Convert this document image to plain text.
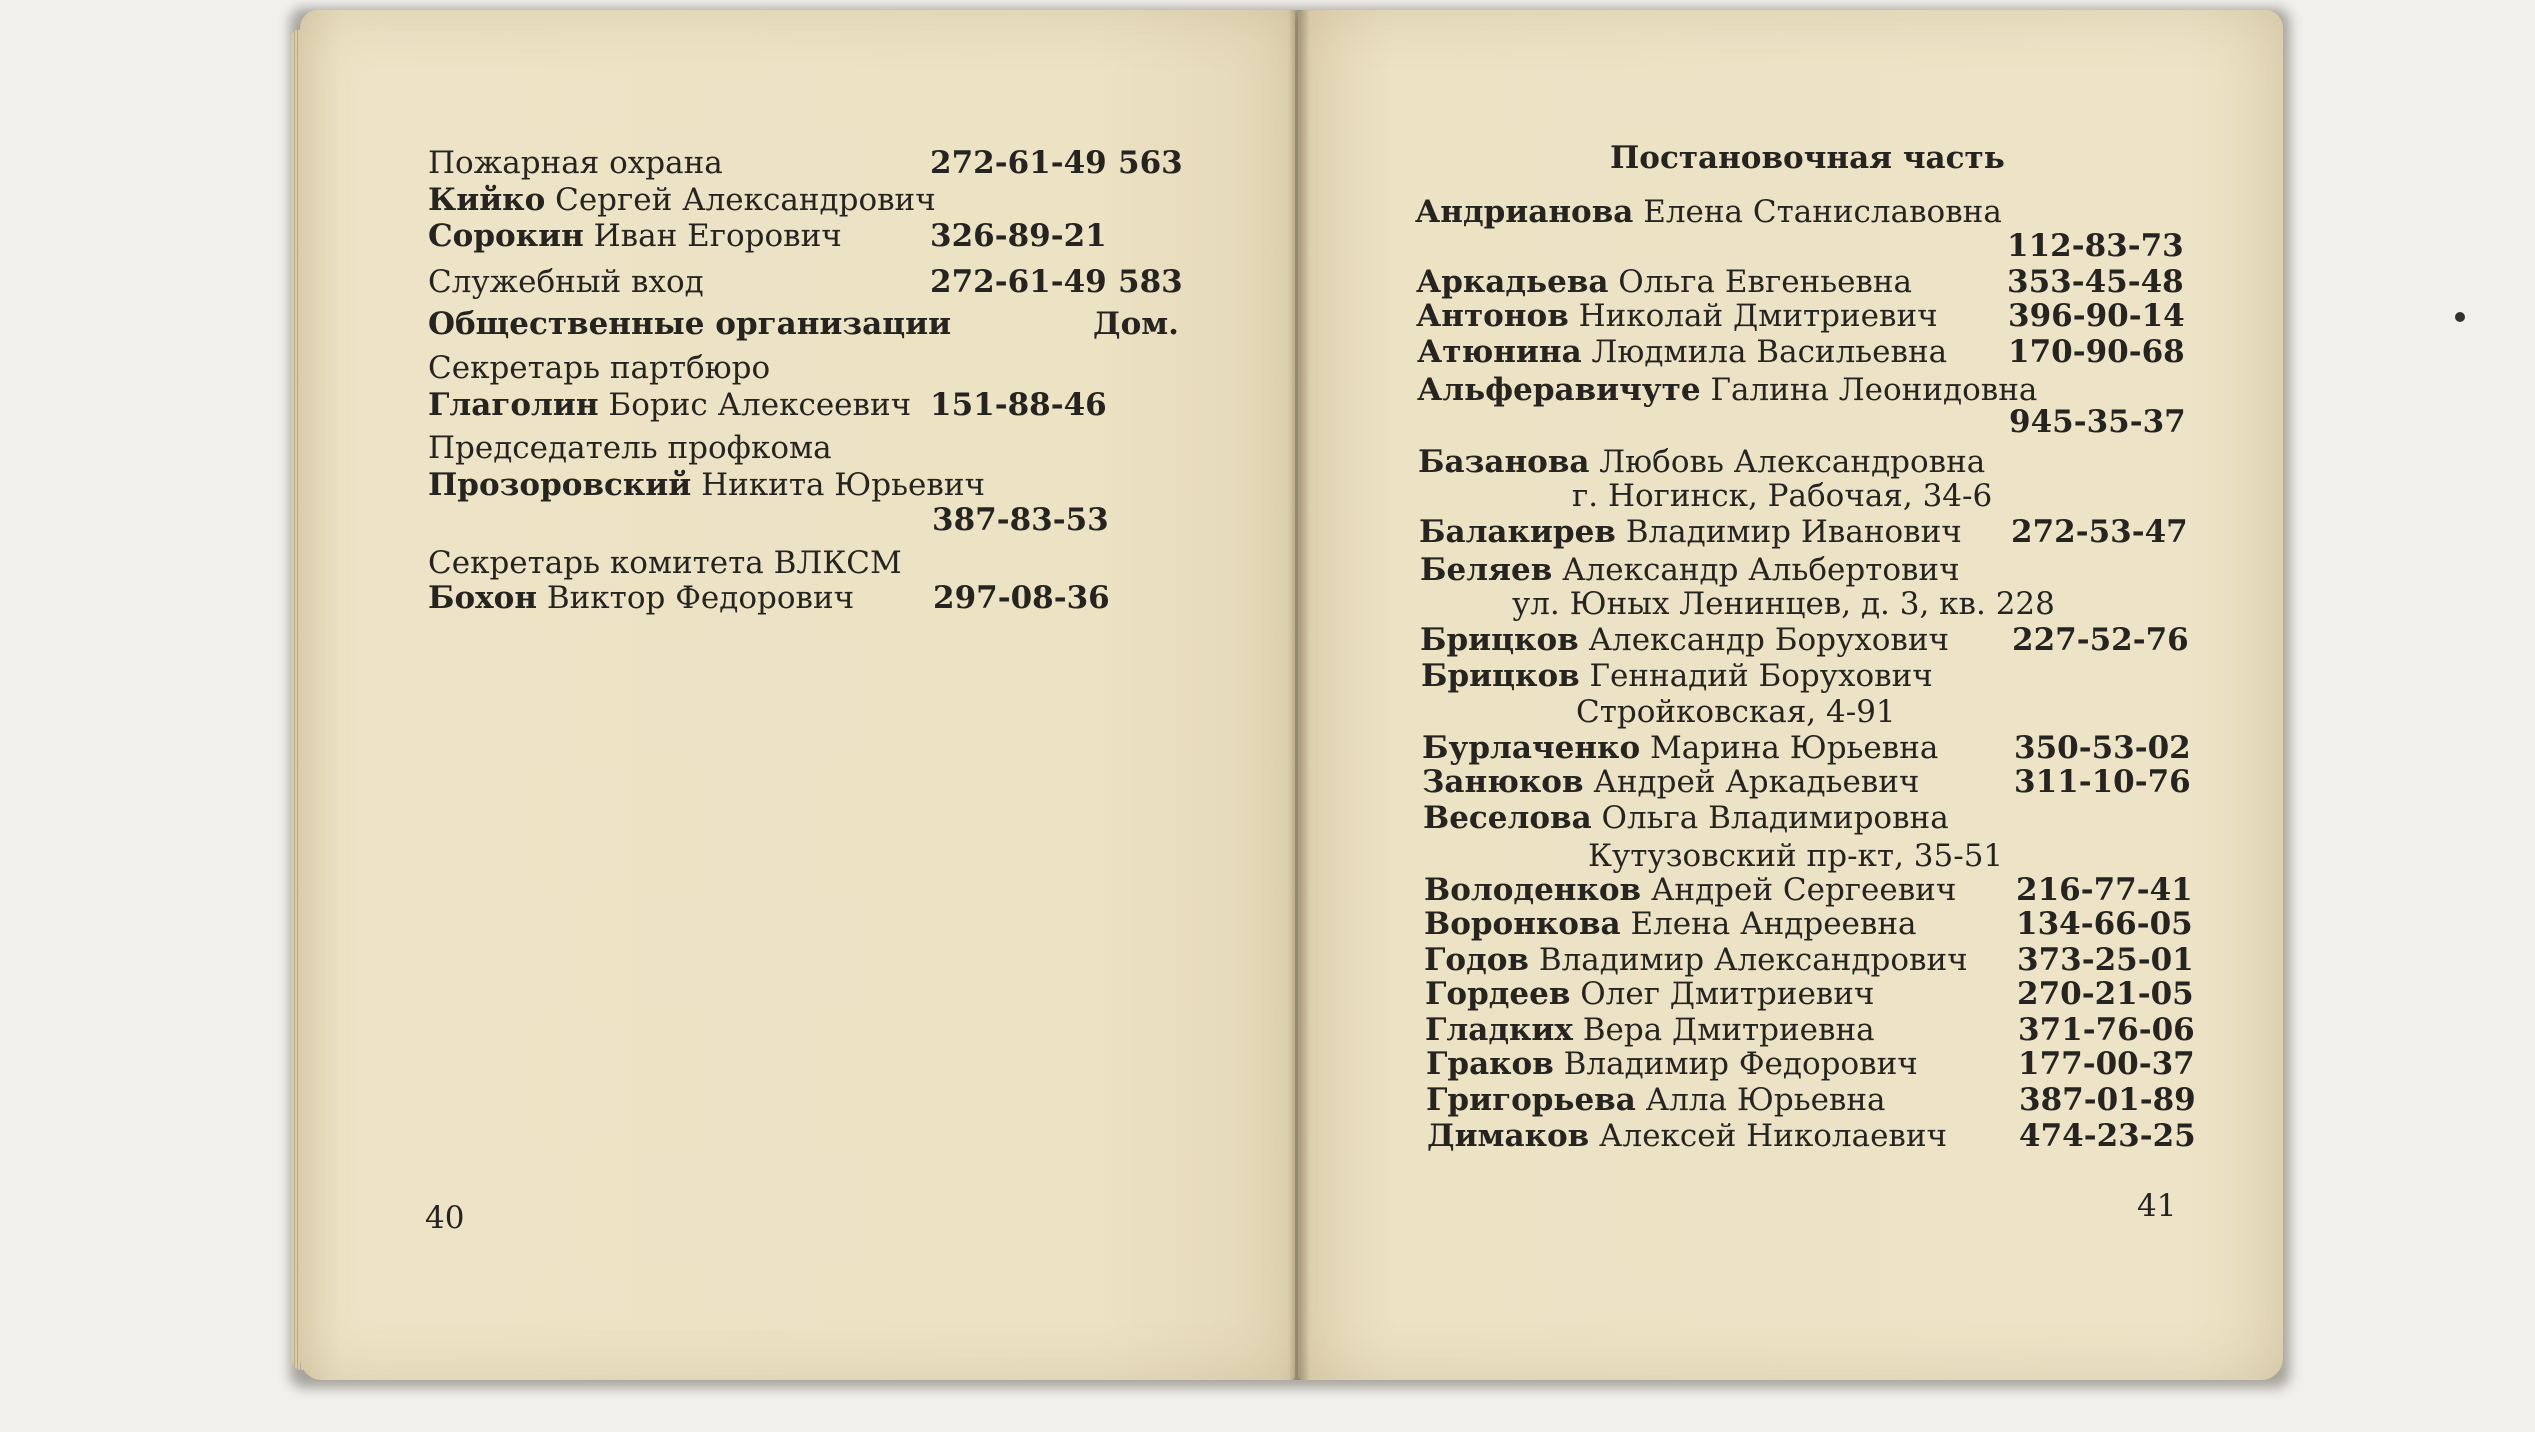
Пожарная охрана	272-61-49 563
Кийко Сергей Александрович
Сорокин Иван Егорович	326-89-21
Служебный вход	272-61-49 583
Общественные организации	Дом.
Секретарь партбюро
Глаголин Борис Алексеевич 151-88-46
Председатель профкома
Прозоровский Никита Юрьевич
387-83-53
Секретарь комитета ВЛКСМ
Бохон Виктор Федорович	297-08-36
Андрианова Елена Станиславовна
112-83-73
Аркадьева Ольга Евгеньевна	353-45-48
Антонов Николай Дмитриевич 396-90-14
Атюнина Людмила Васильевна 170-90-68
Альферавичуте Галина Леонидовна
945-35-37
Базанова Любовь Александровна
г. Ногинск, Рабочая, 34-6
Балакирев Владимир Иванович 272-53-47
Беляев Александр Альбертович
ул. Юных Ленинцев, д. 3, кв. 228
Брицков Александр Борухович 227-52-76
Брицков Геннадий Борухович
Стройковская, 4-91
Бурлаченко Марина Юрьевна 350-53-02
Занюков Андрей Аркадьевич	311-10-76
Веселова Ольга Владимировна
Кутузовский пр-кт, 35-51
Володенков Андрей Сергеевич 216-77-41
Воронкова Елена Андреевна	134-66-05
Годов Владимир Александрович 373-25-01
Гордеев Олег Дмитриевич	270-21-05
Гладких Вера Дмитриевна	371-76-06
Граков Владимир Федорович	177-00-37
Григорьева Алла Юрьевна	387-01-89
Димаков Алексей Николаевич 474-23-25
40	41
Постановочная часть
